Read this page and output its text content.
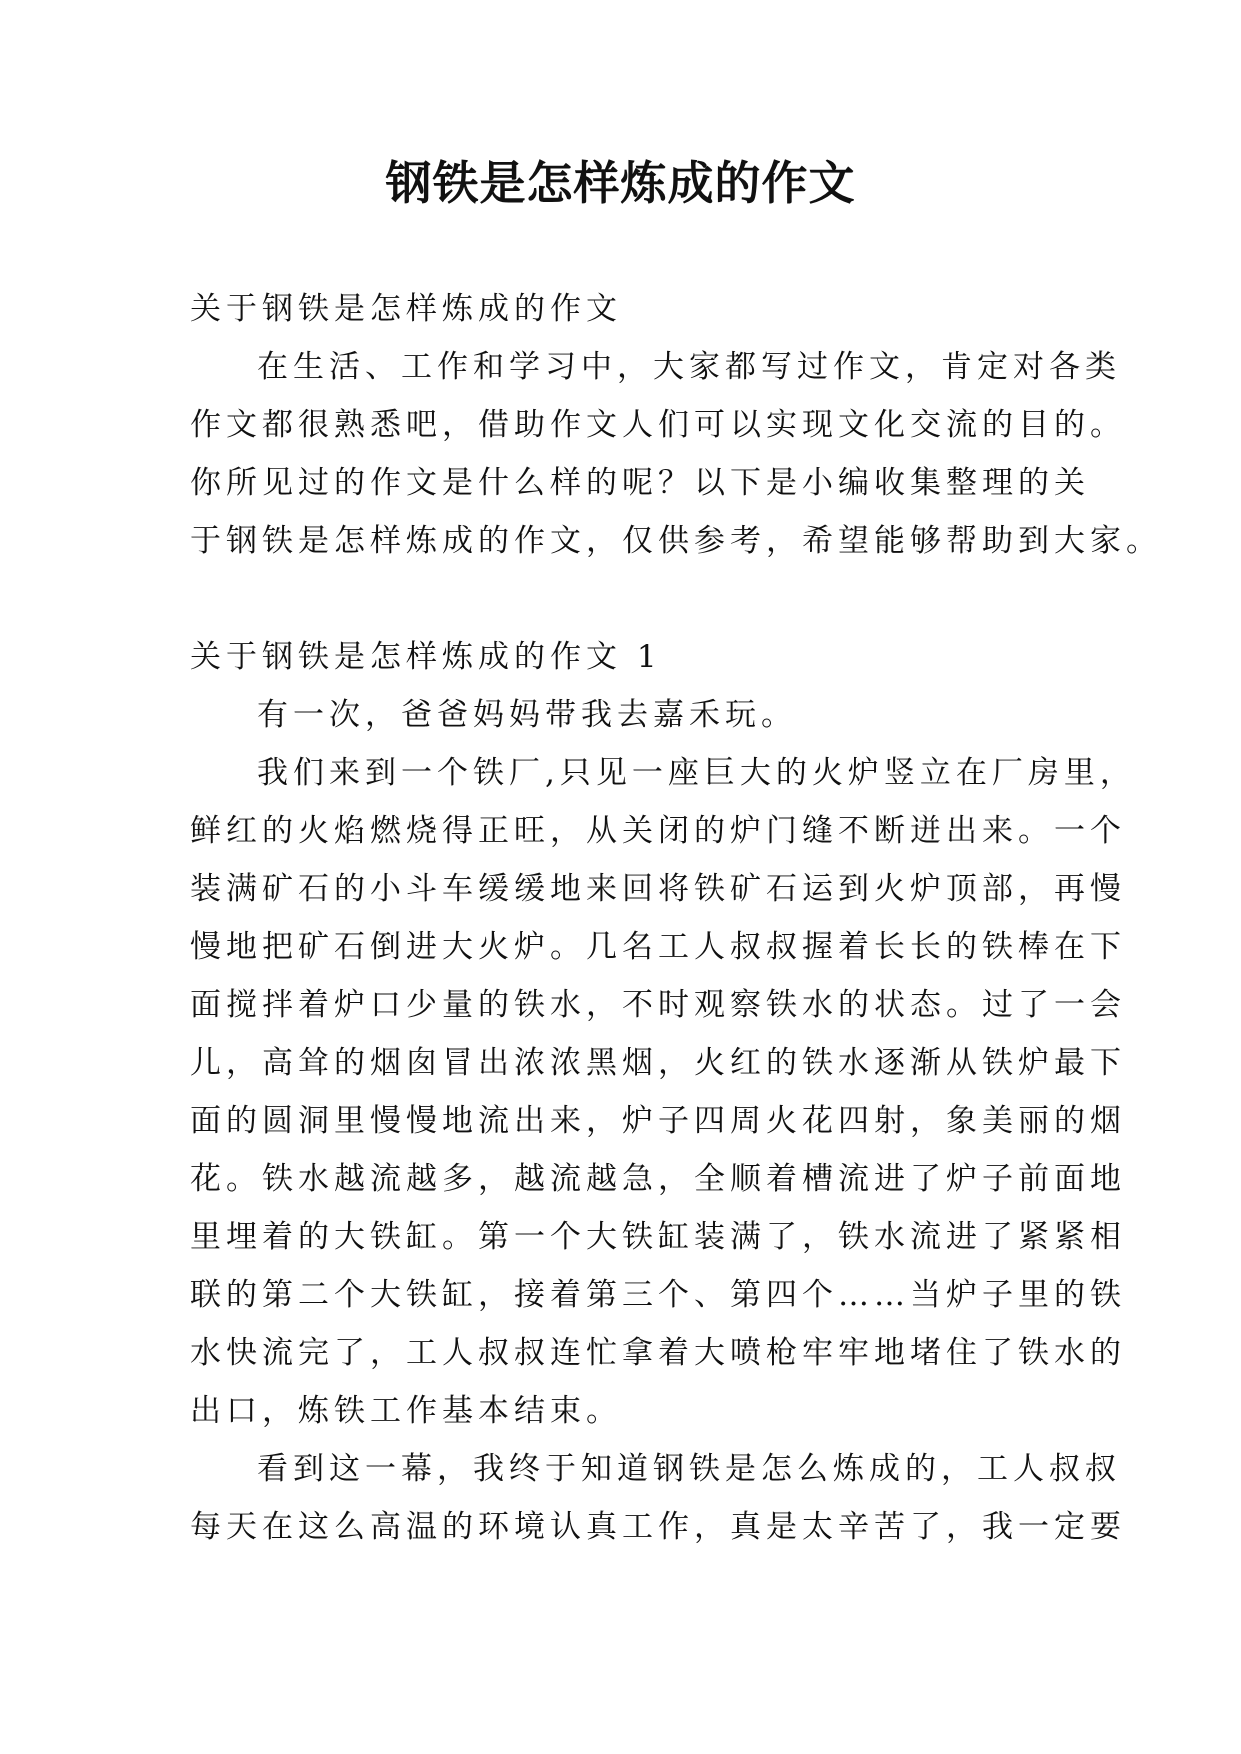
钢铁是怎样炼成的作文
关于钢铁是怎样炼成的作文
在生活、工作和学习中，大家都写过作文，肯定对各类
作文都很熟悉吧，借助作文人们可以实现文化交流的目的。
你所见过的作文是什么样的呢？以下是小编收集整理的关
于钢铁是怎样炼成的作文，仅供参考，希望能够帮助到大家。
关于钢铁是怎样炼成的作文 1
有一次，爸爸妈妈带我去嘉禾玩。
我们来到一个铁厂,只见一座巨大的火炉竖立在厂房里，
鲜红的火焰燃烧得正旺，从关闭的炉门缝不断迸出来。一个
装满矿石的小斗车缓缓地来回将铁矿石运到火炉顶部，再慢
慢地把矿石倒进大火炉。几名工人叔叔握着长长的铁棒在下
面搅拌着炉口少量的铁水，不时观察铁水的状态。过了一会
儿，高耸的烟囱冒出浓浓黑烟，火红的铁水逐渐从铁炉最下
面的圆洞里慢慢地流出来，炉子四周火花四射，象美丽的烟
花。铁水越流越多，越流越急，全顺着槽流进了炉子前面地
里埋着的大铁缸。第一个大铁缸装满了，铁水流进了紧紧相
联的第二个大铁缸，接着第三个、第四个……当炉子里的铁
水快流完了，工人叔叔连忙拿着大喷枪牢牢地堵住了铁水的
出口，炼铁工作基本结束。
看到这一幕，我终于知道钢铁是怎么炼成的，工人叔叔
每天在这么高温的环境认真工作，真是太辛苦了，我一定要
